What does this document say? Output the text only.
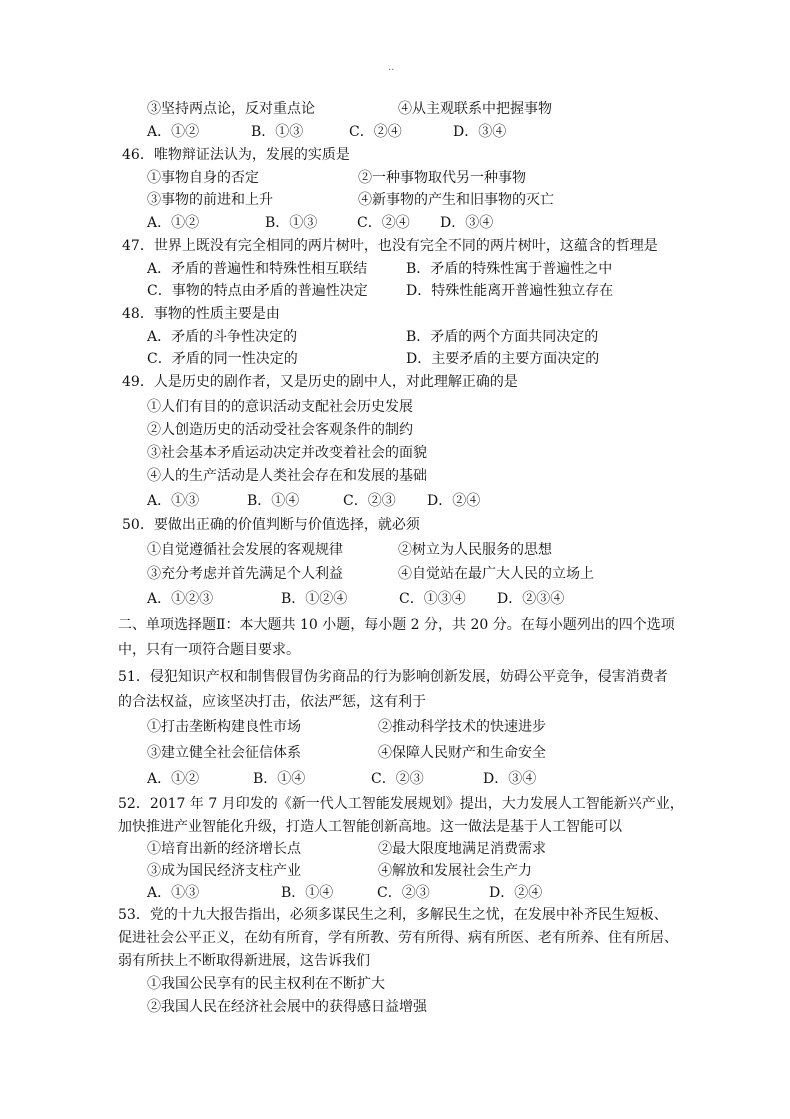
..
③坚持两点论，反对重点论	④从主观联系中把握事物
A．①②	B．①③	C．②④	D．③④
46．唯物辩证法认为，发展的实质是
①事物自身的否定	②一种事物取代另一种事物
③事物的前进和上升	④新事物的产生和旧事物的灭亡
A．①②	B．①③	C．②④ D．③④
47．世界上既没有完全相同的两片树叶，也没有完全不同的两片树叶，这蕴含的哲理是
A．矛盾的普遍性和特殊性相互联结	B．矛盾的特殊性寓于普遍性之中
C．事物的特点由矛盾的普遍性决定	D．特殊性能离开普遍性独立存在
48．事物的性质主要是由
A．矛盾的斗争性决定的	B．矛盾的两个方面共同决定的
C．矛盾的同一性决定的	D．主要矛盾的主要方面决定的
49．人是历史的剧作者，又是历史的剧中人，对此理解正确的是
①人们有目的的意识活动支配社会历史发展
②人创造历史的活动受社会客观条件的制约
③社会基本矛盾运动决定并改变着社会的面貌
④人的生产活动是人类社会存在和发展的基础
A．①③	B．①④	C．②③ D．②④
50．要做出正确的价值判断与价值选择，就必须
①自觉遵循社会发展的客观规律	②树立为人民服务的思想
③充分考虑并首先满足个人利益	④自觉站在最广大人民的立场上
A．①②③	B．①②④	C．①③④ D．②③④
二、单项选择题Ⅱ：本大题共 10 小题，每小题 2 分，共 20 分。在每小题列出的四个选项
中，只有一项符合题目要求。
51．侵犯知识产权和制售假冒伪劣商品的行为影响创新发展，妨碍公平竞争，侵害消费者
的合法权益，应该坚决打击，依法严惩，这有利于
①打击垄断构建良性市场	②推动科学技术的快速进步
③建立健全社会征信体系	④保障人民财产和生命安全
A．①②	B．①④	C．②③	D．③④
52．2017 年 7 月印发的《新一代人工智能发展规划》提出，大力发展人工智能新兴产业，
加快推进产业智能化升级，打造人工智能创新高地。这一做法是基于人工智能可以
①培育出新的经济增长点	②最大限度地满足消费需求
③成为国民经济支柱产业	④解放和发展社会生产力
A．①③	B．①④	C．②③	D．②④
53．党的十九大报告指出，必须多谋民生之利，多解民生之忧，在发展中补齐民生短板、
促进社会公平正义，在幼有所育，学有所教、劳有所得、病有所医、老有所养、住有所居、
弱有所扶上不断取得新进展，这告诉我们
①我国公民享有的民主权利在不断扩大
②我国人民在经济社会展中的获得感日益增强
